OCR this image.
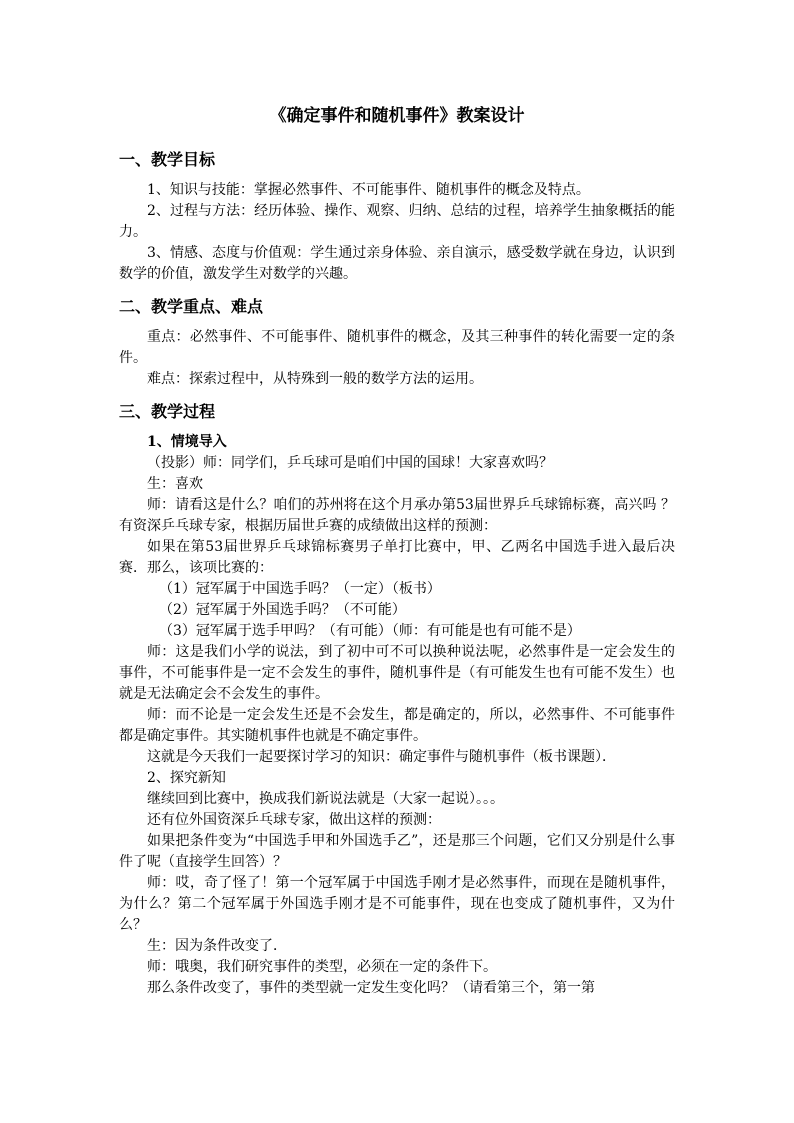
《确定事件和随机事件》教案设计
一、教学目标

1、知识与技能：掌握必然事件、不可能事件、随机事件的概念及特点。

2、过程与方法：经历体验、操作、观察、归纳、总结的过程，培养学生抽象概括的能力。

3、情感、态度与价值观：学生通过亲身体验、亲自演示，感受数学就在身边，认识到数学的价值，激发学生对数学的兴趣。

二、教学重点、难点

重点：必然事件、不可能事件、随机事件的概念，及其三种事件的转化需要一定的条件。

难点：探索过程中，从特殊到一般的数学方法的运用。

三、教学过程

1、情境导入

（投影）师：同学们，乒乓球可是咱们中国的国球！大家喜欢吗？

生：喜欢

师：请看这是什么？咱们的苏州将在这个月承办第53届世界乒乓球锦标赛，高兴吗 ？有资深乒乓球专家，根据历届世乒赛的成绩做出这样的预测：

如果在第53届世界乒乓球锦标赛男子单打比赛中，甲、乙两名中国选手进入最后决赛．那么，该项比赛的：

（1）冠军属于中国选手吗？（一定）（板书）

（2）冠军属于外国选手吗？（不可能）

（3）冠军属于选手甲吗？（有可能）（师：有可能是也有可能不是）

师：这是我们小学的说法，到了初中可不可以换种说法呢，必然事件是一定会发生的事件，不可能事件是一定不会发生的事件，随机事件是（有可能发生也有可能不发生）也就是无法确定会不会发生的事件。

师：而不论是一定会发生还是不会发生，都是确定的，所以，必然事件、不可能事件都是确定事件。其实随机事件也就是不确定事件。

这就是今天我们一起要探讨学习的知识：确定事件与随机事件（板书课题）．

2、探究新知

继续回到比赛中，换成我们新说法就是（大家一起说）。。。

还有位外国资深乒乓球专家，做出这样的预测：

如果把条件变为“中国选手甲和外国选手乙”，还是那三个问题，它们又分别是什么事件了呢（直接学生回答）？

师：哎，奇了怪了！第一个冠军属于中国选手刚才是必然事件，而现在是随机事件，为什么？第二个冠军属于外国选手刚才是不可能事件，现在也变成了随机事件，又为什么？

生：因为条件改变了．

师：哦奥，我们研究事件的类型，必须在一定的条件下。

那么条件改变了，事件的类型就一定发生变化吗？（请看第三个，第一第
